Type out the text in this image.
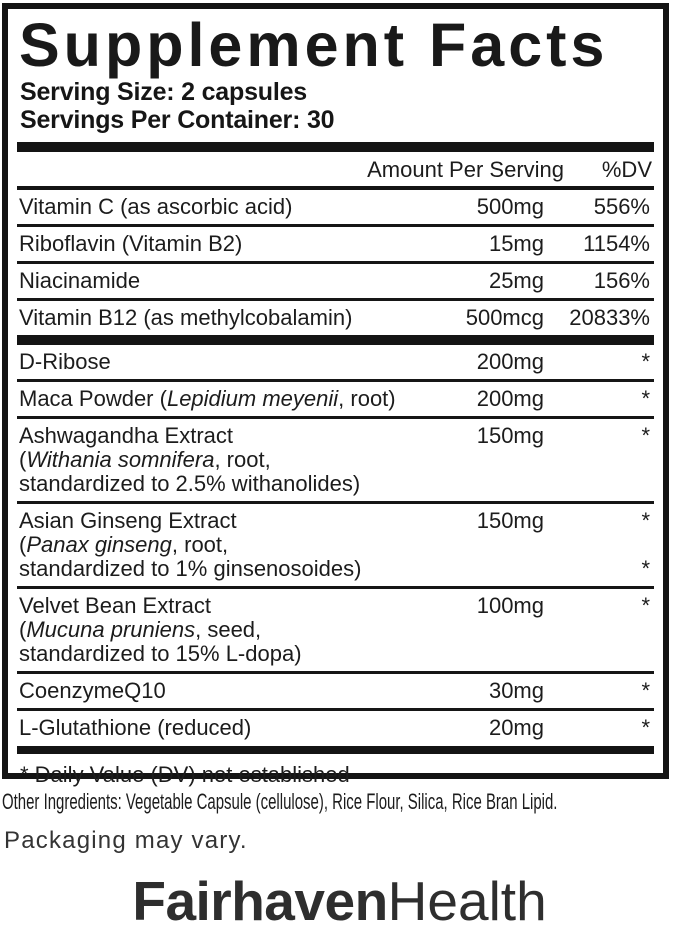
Supplement Facts
Serving Size: 2 capsules
Servings Per Container: 30
Amount Per Serving	%DV
Vitamin C (as ascorbic acid)	500mg	556%
Riboflavin (Vitamin B2)	15mg	1154%
Niacinamide	25mg	156%
Vitamin B12 (as methylcobalamin)	500mcg	20833%
D-Ribose	200mg	*
Maca Powder (Lepidium meyenii, root)	200mg	*
Ashwagandha Extract
(Withania somnifera, root,
standardized to 2.5% withanolides)
150mg	*
Asian Ginseng Extract
(Panax ginseng, root,
standardized to 1% ginsenosoides)
150mg	*
*
Velvet Bean Extract
(Mucuna pruniens, seed,
standardized to 15% L-dopa)
100mg	*
CoenzymeQ10	30mg	*
L-Glutathione (reduced)	20mg	*
* Daily Value (DV) not established
Other Ingredients: Vegetable Capsule (cellulose), Rice Flour, Silica, Rice Bran Lipid.
Packaging may vary.
FairhavenHealth
